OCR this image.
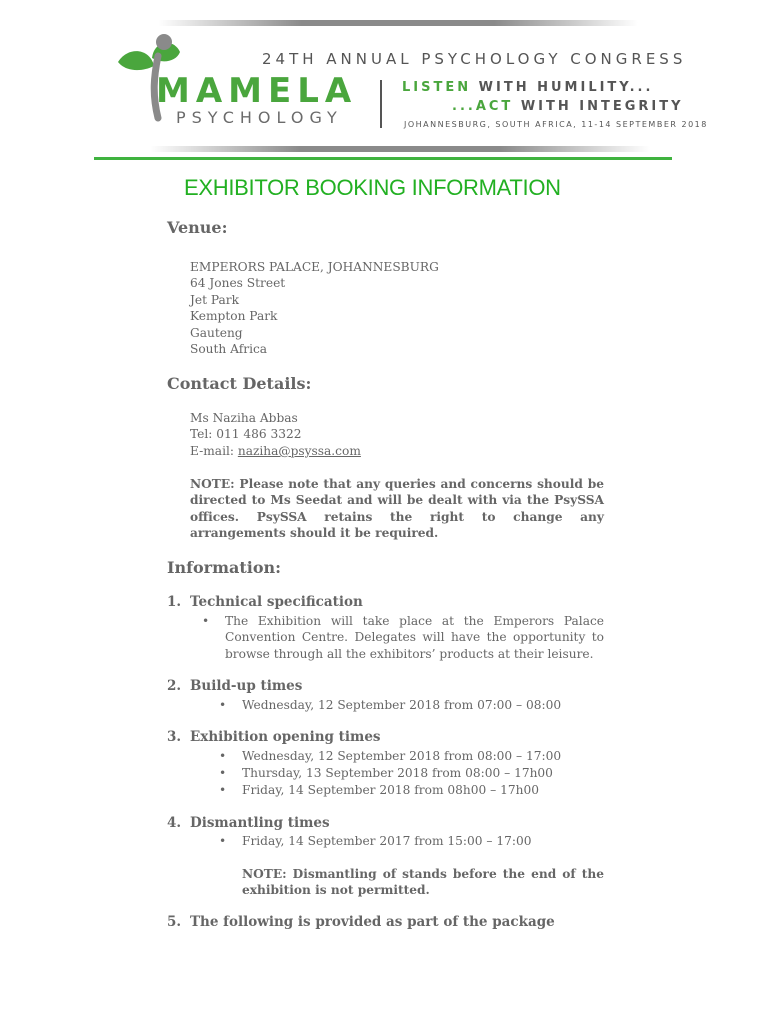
MAMELA
PSYCHOLOGY
24TH ANNUAL PSYCHOLOGY CONGRESS
LISTEN WITH HUMILITY...
...ACT WITH INTEGRITY
JOHANNESBURG, SOUTH AFRICA, 11-14 SEPTEMBER 2018
EXHIBITOR BOOKING INFORMATION
Venue:
EMPERORS PALACE, JOHANNESBURG
64 Jones Street
Jet Park
Kempton Park
Gauteng
South Africa
Contact Details:
Ms Naziha Abbas
Tel: 011 486 3322
E-mail: naziha@psyssa.com
NOTE: Please note that any queries and concerns should be directed to Ms Seedat and will be dealt with via the PsySSA offices. PsySSA retains the right to change any arrangements should it be required.
Information:
1. Technical specification
• The Exhibition will take place at the Emperors Palace Convention Centre. Delegates will have the opportunity to browse through all the exhibitors’ products at their leisure.
2. Build-up times
• Wednesday, 12 September 2018 from 07:00 – 08:00
3. Exhibition opening times
• Wednesday, 12 September 2018 from 08:00 – 17:00
• Thursday, 13 September 2018 from 08:00 – 17h00
• Friday, 14 September 2018 from 08h00 – 17h00
4. Dismantling times
• Friday, 14 September 2017 from 15:00 – 17:00
NOTE: Dismantling of stands before the end of the exhibition is not permitted.
5. The following is provided as part of the package
